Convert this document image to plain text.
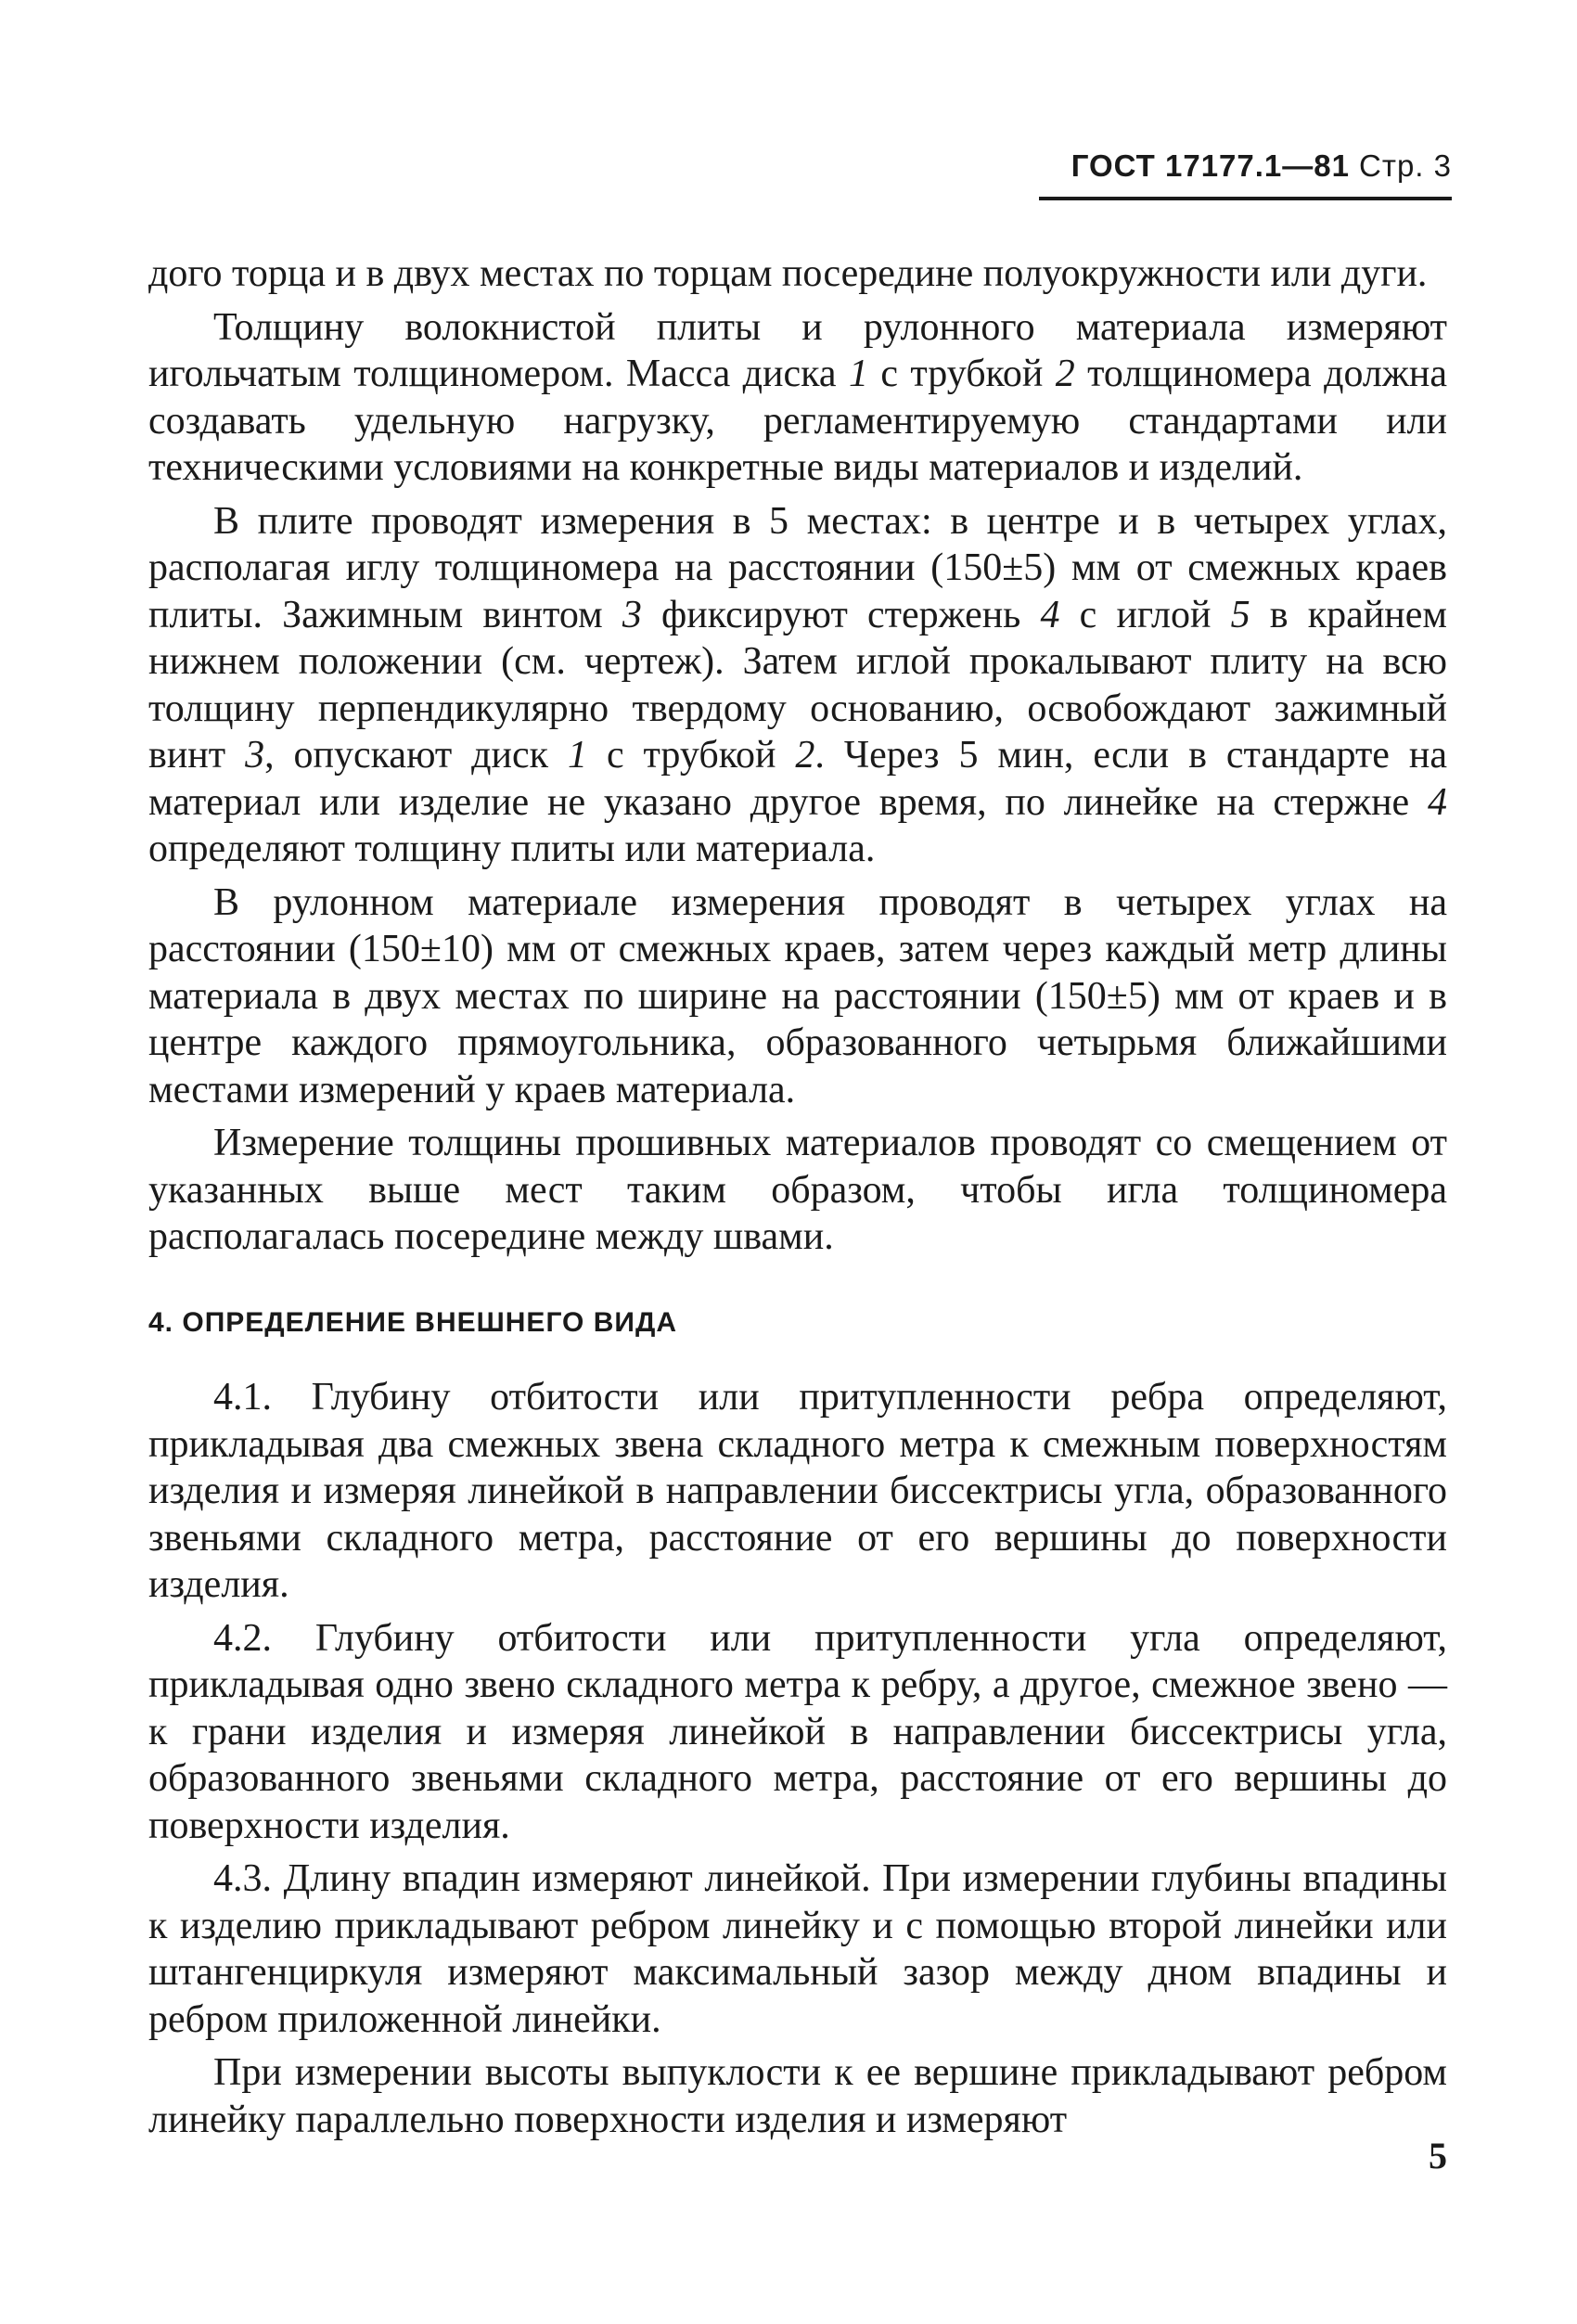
ГОСТ 17177.1—81 Стр. 3

дого торца и в двух местах по торцам посередине полуокружности или дуги.

Толщину волокнистой плиты и рулонного материала измеряют игольчатым толщиномером. Масса диска 1 с трубкой 2 толщиномера должна создавать удельную нагрузку, регламентируемую стандартами или техническими условиями на конкретные виды материалов и изделий.

В плите проводят измерения в 5 местах: в центре и в четырех углах, располагая иглу толщиномера на расстоянии (150±5) мм от смежных краев плиты. Зажимным винтом 3 фиксируют стержень 4 с иглой 5 в крайнем нижнем положении (см. чертеж). Затем иглой прокалывают плиту на всю толщину перпендикулярно твердому основанию, освобождают зажимный винт 3, опускают диск 1 с трубкой 2. Через 5 мин, если в стандарте на материал или изделие не указано другое время, по линейке на стержне 4 определяют толщину плиты или материала.

В рулонном материале измерения проводят в четырех углах на расстоянии (150±10) мм от смежных краев, затем через каждый метр длины материала в двух местах по ширине на расстоянии (150±5) мм от краев и в центре каждого прямоугольника, образованного четырьмя ближайшими местами измерений у краев материала.

Измерение толщины прошивных материалов проводят со смещением от указанных выше мест таким образом, чтобы игла толщиномера располагалась посередине между швами.

4. ОПРЕДЕЛЕНИЕ ВНЕШНЕГО ВИДА

4.1. Глубину отбитости или притупленности ребра определяют, прикладывая два смежных звена складного метра к смежным поверхностям изделия и измеряя линейкой в направлении биссектрисы угла, образованного звеньями складного метра, расстояние от его вершины до поверхности изделия.

4.2. Глубину отбитости или притупленности угла определяют, прикладывая одно звено складного метра к ребру, а другое, смежное звено — к грани изделия и измеряя линейкой в направлении биссектрисы угла, образованного звеньями складного метра, расстояние от его вершины до поверхности изделия.

4.3. Длину впадин измеряют линейкой. При измерении глубины впадины к изделию прикладывают ребром линейку и с помощью второй линейки или штангенциркуля измеряют максимальный зазор между дном впадины и ребром приложенной линейки.

При измерении высоты выпуклости к ее вершине прикладывают ребром линейку параллельно поверхности изделия и измеряют

5
